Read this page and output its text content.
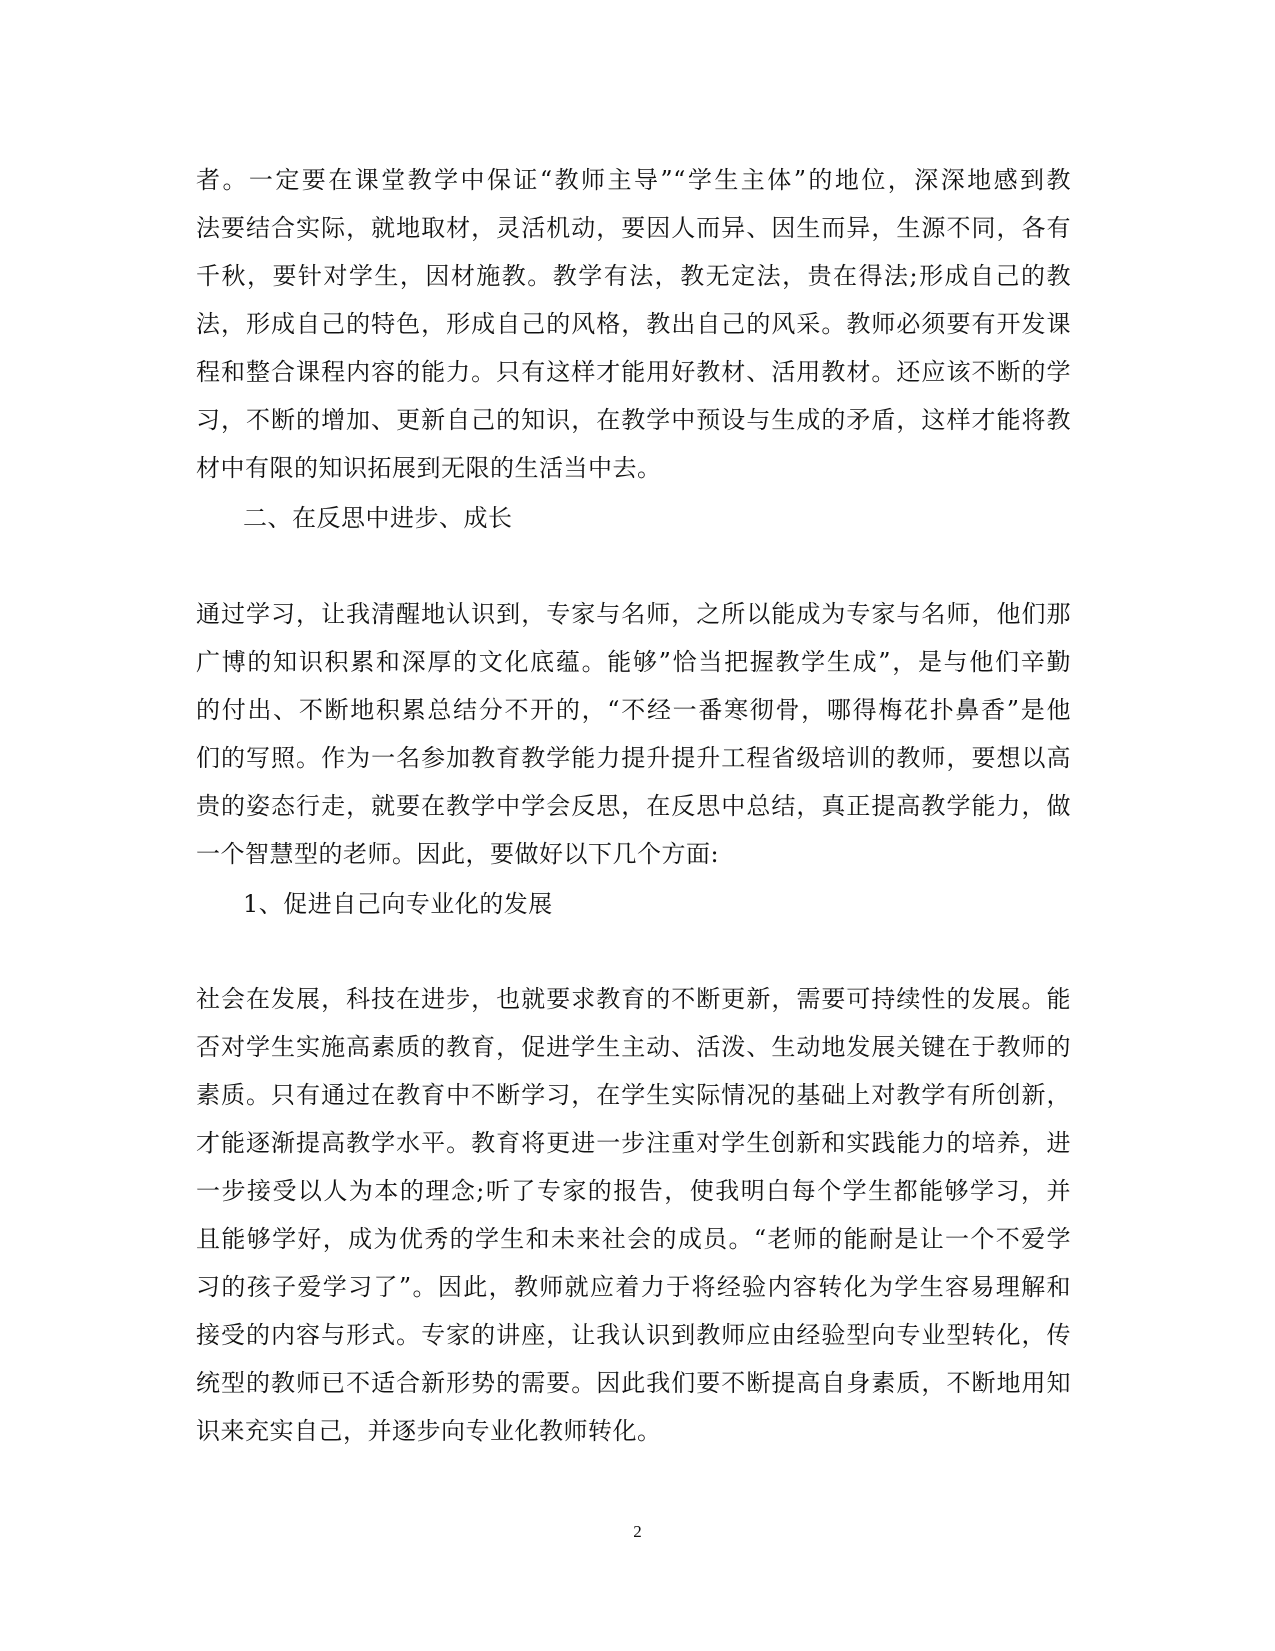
者。一定要在课堂教学中保证“教师主导”“学生主体”的地位，深深地感到教
法要结合实际，就地取材，灵活机动，要因人而异、因生而异，生源不同，各有
千秋，要针对学生，因材施教。教学有法，教无定法，贵在得法;形成自己的教
法，形成自己的特色，形成自己的风格，教出自己的风采。教师必须要有开发课
程和整合课程内容的能力。只有这样才能用好教材、活用教材。还应该不断的学
习，不断的增加、更新自己的知识，在教学中预设与生成的矛盾，这样才能将教
材中有限的知识拓展到无限的生活当中去。
二、在反思中进步、成长
通过学习，让我清醒地认识到，专家与名师，之所以能成为专家与名师，他们那
广博的知识积累和深厚的文化底蕴。能够”恰当把握教学生成”，是与他们辛勤
的付出、不断地积累总结分不开的，“不经一番寒彻骨，哪得梅花扑鼻香”是他
们的写照。作为一名参加教育教学能力提升提升工程省级培训的教师，要想以高
贵的姿态行走，就要在教学中学会反思，在反思中总结，真正提高教学能力，做
一个智慧型的老师。因此，要做好以下几个方面:
1、促进自己向专业化的发展
社会在发展，科技在进步，也就要求教育的不断更新，需要可持续性的发展。能
否对学生实施高素质的教育，促进学生主动、活泼、生动地发展关键在于教师的
素质。只有通过在教育中不断学习，在学生实际情况的基础上对教学有所创新，
才能逐渐提高教学水平。教育将更进一步注重对学生创新和实践能力的培养，进
一步接受以人为本的理念;听了专家的报告，使我明白每个学生都能够学习，并
且能够学好，成为优秀的学生和未来社会的成员。“老师的能耐是让一个不爱学
习的孩子爱学习了”。因此，教师就应着力于将经验内容转化为学生容易理解和
接受的内容与形式。专家的讲座，让我认识到教师应由经验型向专业型转化，传
统型的教师已不适合新形势的需要。因此我们要不断提高自身素质，不断地用知
识来充实自己，并逐步向专业化教师转化。
2
